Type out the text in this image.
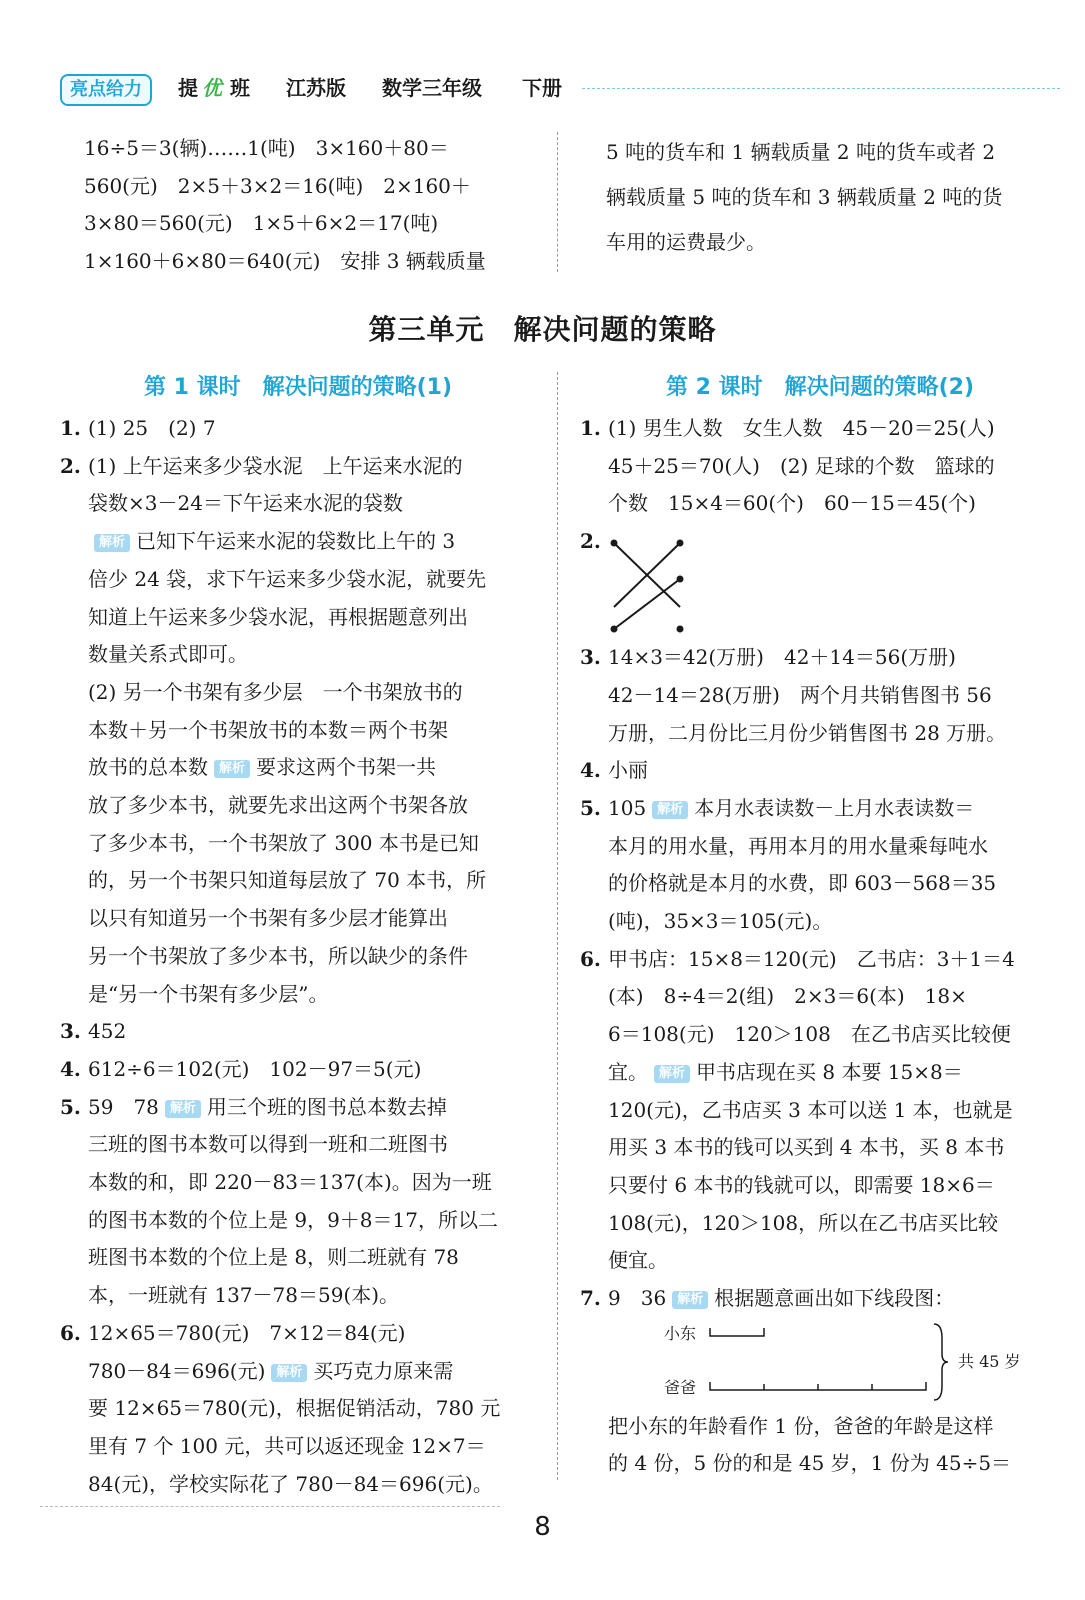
亮点给力	提 优 班 江苏版 数学三年级 下册

16÷5＝3(辆)……1(吨)　3×160＋80＝

560(元)　2×5＋3×2＝16(吨)　2×160＋

3×80＝560(元)　1×5＋6×2＝17(吨)

1×160＋6×80＝640(元)　安排 3 辆载质量

5 吨的货车和 1 辆载质量 2 吨的货车或者 2

辆载质量 5 吨的货车和 3 辆载质量 2 吨的货

车用的运费最少。

第三单元　解决问题的策略
第 1 课时　解决问题的策略(1)	第 2 课时　解决问题的策略(2)
1. (1) 25　(2) 7

2. (1) 上午运来多少袋水泥　上午运来水泥的

袋数×3－24＝下午运来水泥的袋数

解析 已知下午运来水泥的袋数比上午的 3

倍少 24 袋，求下午运来多少袋水泥，就要先

知道上午运来多少袋水泥，再根据题意列出

数量关系式即可。

(2) 另一个书架有多少层　一个书架放书的

本数＋另一个书架放书的本数＝两个书架

放书的总本数 解析 要求这两个书架一共

放了多少本书，就要先求出这两个书架各放

了多少本书，一个书架放了 300 本书是已知

的，另一个书架只知道每层放了 70 本书，所

以只有知道另一个书架有多少层才能算出

另一个书架放了多少本书，所以缺少的条件

是“另一个书架有多少层”。

3. 452

4. 612÷6＝102(元)　102－97＝5(元)

5. 59　78 解析 用三个班的图书总本数去掉

三班的图书本数可以得到一班和二班图书

本数的和，即 220－83＝137(本)。因为一班

的图书本数的个位上是 9，9＋8＝17，所以二

班图书本数的个位上是 8，则二班就有 78

本，一班就有 137－78＝59(本)。

6. 12×65＝780(元)　7×12＝84(元)

780－84＝696(元) 解析 买巧克力原来需

要 12×65＝780(元)，根据促销活动，780 元

里有 7 个 100 元，共可以返还现金 12×7＝

84(元)，学校实际花了 780－84＝696(元)。

1. (1) 男生人数　女生人数　45－20＝25(人)

45＋25＝70(人)　(2) 足球的个数　篮球的

个数　15×4＝60(个)　60－15＝45(个)

2.
3. 14×3＝42(万册)　42＋14＝56(万册)

42－14＝28(万册)　两个月共销售图书 56

万册，二月份比三月份少销售图书 28 万册。

4. 小丽

5. 105 解析 本月水表读数－上月水表读数＝

本月的用水量，再用本月的用水量乘每吨水

的价格就是本月的水费，即 603－568＝35

(吨)，35×3＝105(元)。

6. 甲书店：15×8＝120(元)　乙书店：3＋1＝4

(本)　8÷4＝2(组)　2×3＝6(本)　18×

6＝108(元)　120＞108　在乙书店买比较便

宜。 解析 甲书店现在买 8 本要 15×8＝

120(元)，乙书店买 3 本可以送 1 本，也就是

用买 3 本书的钱可以买到 4 本书，买 8 本书

只要付 6 本书的钱就可以，即需要 18×6＝

108(元)，120＞108，所以在乙书店买比较

便宜。

7. 9　36 解析 根据题意画出如下线段图：

小东
爸爸
共 45 岁

把小东的年龄看作 1 份，爸爸的年龄是这样

的 4 份，5 份的和是 45 岁，1 份为 45÷5＝

8
